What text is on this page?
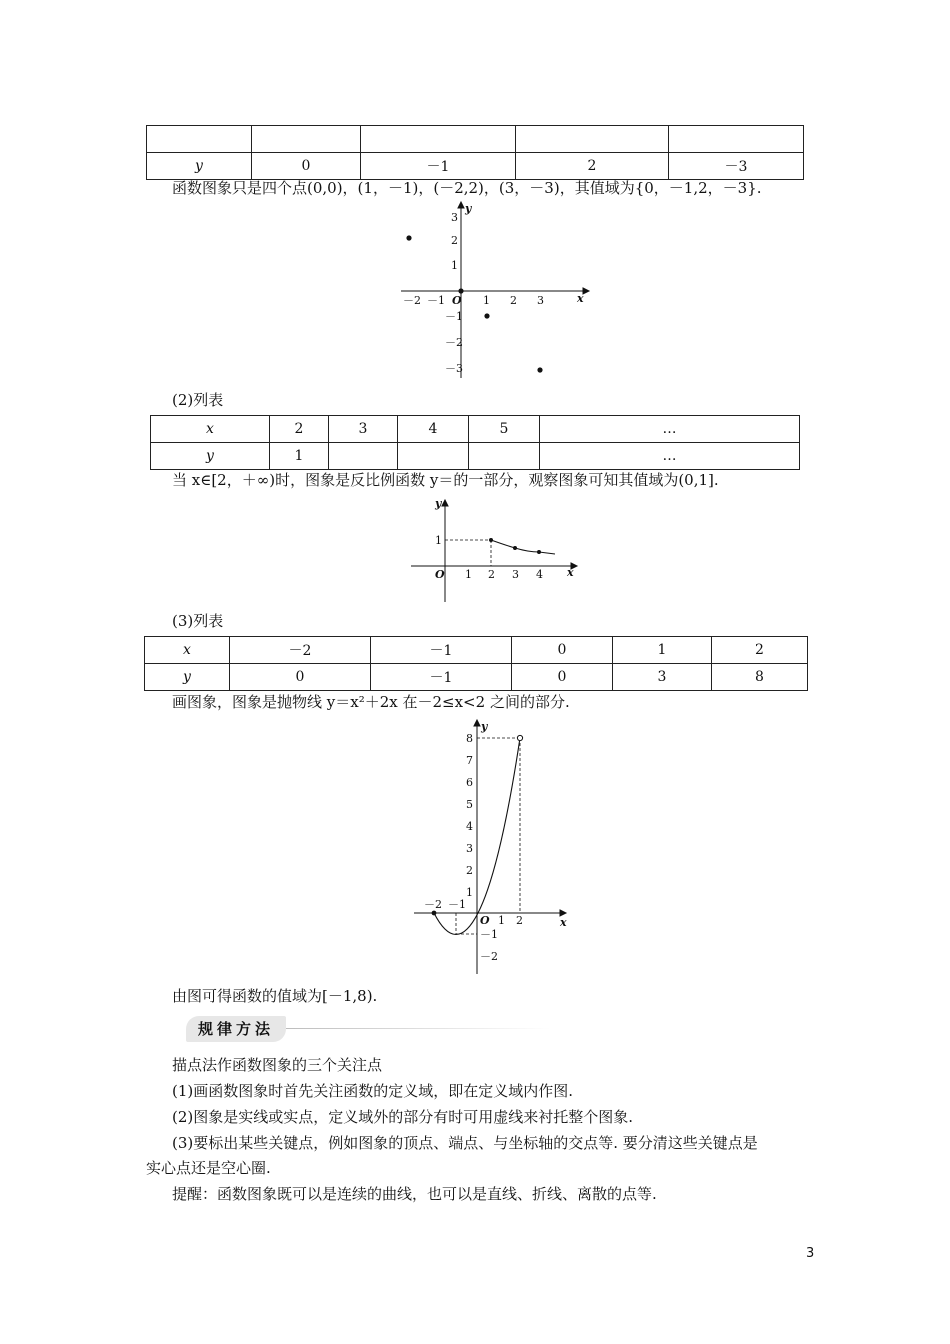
y	0	－1	2	－3
函数图象只是四个点(0,0)，(1，－1)，(－2,2)，(3，－3)，其值域为{0，－1,2，－3}.
－2 －1 O 1 2 3	x
3
2
1
－1
－2
－3
y
(2)列表
x	2	3	4	5	…
y	1				…
当 x∈[2，＋∞)时，图象是反比例函数 y＝的一部分，观察图象可知其值域为(0,1].
O 1 2 3 4 x
1
y
(3)列表
x	－2	－1	0	1	2
y	0	－1	0	3	8
画图象，图象是抛物线 y＝x²＋2x 在－2≤x<2 之间的部分.
－2 －1
O 1 2	x
8
7
6
5
4
3
2
1
－1
－2
y
由图可得函数的值域为[－1,8).
规律方法
描点法作函数图象的三个关注点
(1)画函数图象时首先关注函数的定义域，即在定义域内作图.
(2)图象是实线或实点，定义域外的部分有时可用虚线来衬托整个图象.
(3)要标出某些关键点，例如图象的顶点、端点、与坐标轴的交点等. 要分清这些关键点是
实心点还是空心圈.
提醒：函数图象既可以是连续的曲线，也可以是直线、折线、离散的点等.
3
